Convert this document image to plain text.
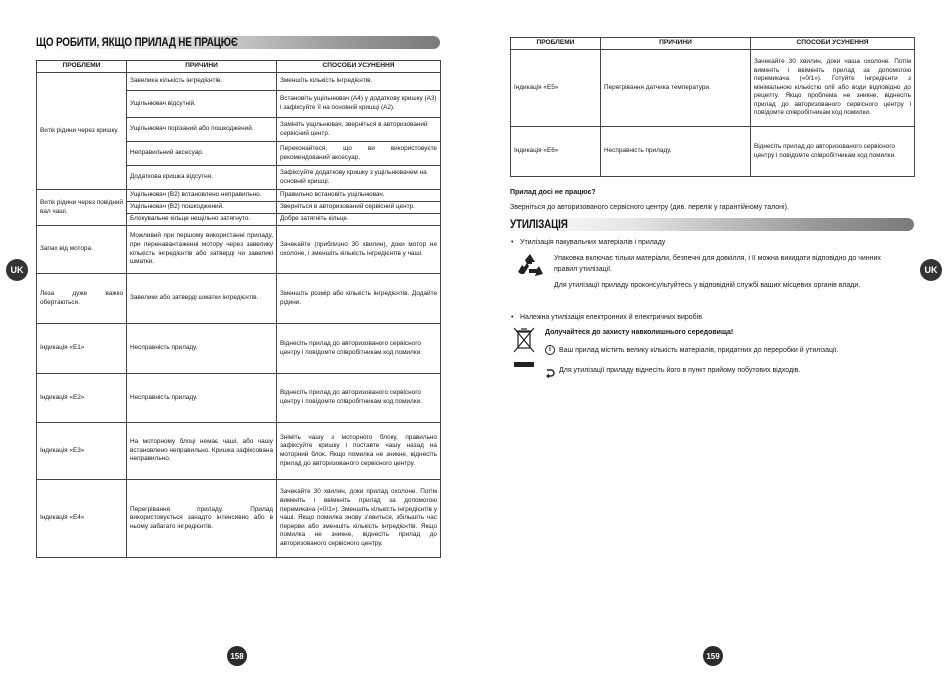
ЩО РОБИТИ, ЯКЩО ПРИЛАД НЕ ПРАЦЮЄ
ПРОБЛЕМИ	ПРИЧИНИ	СПОСОБИ УСУНЕННЯ
Витік рідини через кришку.	Завелика кількість інгредієнтів.	Зменшіть кількість інгредієнтів.
	Ущільнювач відсутній.	Встановіть ущільнювач (A4) у додаткову кришку (A3) і зафіксуйте її на основній кришці (A2).
	Ущільнювач порізаний або пошкоджений.	Замініть ущільнювач, зверніться в авторизований сервісний центр.
	Неправильний аксесуар.	Переконайтеся, що ви використовуєте рекомендований аксесуар.
	Додаткова кришка відсутня.	Зафіксуйте додаткову кришку з ущільнювачем на основній кришці.
Витік рідини через повідний вал чаші.	Ущільнювач (B2) встановлено неправильно.	Правильно встановіть ущільнювач.
	Ущільнювач (B2) пошкоджений.	Зверніться в авторизований сервісний центр.
	Блокувальне кільце нещільно затягнуто.	Добре затягніть кільце.
Запах від мотора.	Можливий при першому використанні приладу, при перенавантаженні мотору через завелику кількість інгредієнтів або затверді чи завеликі шматки.	Зачекайте (приблизно 30 хвилин), доки мотор не охолоне, і зменшіть кількість інгредієнтів у чаші.
Леза дуже важко обертаються.	Завелики або затверді шматки інгредієнтів.	Зменшіть розмір або кількість інгредієнтів. Додайте рідини.
Індикація «E1»	Несправність приладу.	Віднесіть прилад до авторизованого сервісного центру і повідомте співробітникам код помилки.
Індикація «E2»	Несправність приладу.	Віднесіть прилад до авторизованого сервісного центру і повідомте співробітникам код помилки.
Індикація «E3»	На моторному блоці немає чаші, або чашу встановлено неправильно. Кришка зафіксована неправильно.	Зніміть чашу з моторного блоку, правильно зафіксуйте кришку і поставте чашу назад на моторний блок. Якщо помилка не зникне, віднесіть прилад до авторизованого сервісного центру.
Індикація «E4»	Перегрівання приладу. Прилад використовується занадто інтенсивно або в ньому забагато інгредієнтів.	Зачекайте 30 хвилин, доки прилад охолоне. Потім вимкніть і ввімкніть прилад за допомогою перемикача («0/1»). Зменшіть кількість інгредієнтів у чаші. Якщо помилка знову з'явиться, збільшіть час перерви або зменшіть кількість інгредієнтів. Якщо помилка не зникне, віднесіть прилад до авторизованого сервісного центру.
UK
158
ПРОБЛЕМИ	ПРИЧИНИ	СПОСОБИ УСУНЕННЯ
Індикація «E5»	Перегрівання датчика температури.	Зачекайте 30 хвилин, доки чаша охолоне. Потім вимкніть і ввімкніть прилад за допомогою перемикача («0/1»). Готуйте інгредієнти з мінімальною кількістю олії або води відповідно до рецепту. Якщо проблема не зникне, віднесіть прилад до авторизованого сервісного центру і повідомте співробітникам код помилки.
Індикація «E6»	Несправність приладу.	Віднесіть прилад до авторизованого сервісного центру і повідомте співробітникам код помилки.
Прилад досі не працює?
Зверніться до авторизованого сервісного центру (див. перелік у гарантійному талоні).
УТИЛІЗАЦІЯ
• Утилізація пакувальних матеріалів і приладу
Упаковка включає тільки матеріали, безпечні для довкілля, і її можна викидати відповідно до чинних
правил утилізації.
Для утилізації приладу проконсультуйтесь у відповідній службі ваших місцевих органів влади.
• Належна утилізація електронних й електричних виробів
Долучайтеся до захисту навколишнього середовища!
i	Ваш прилад містить велику кількість матеріалів, придатних до переробки й утилізації.
Для утилізації приладу віднесіть його в пункт прийому побутових відходів.
UK
159
